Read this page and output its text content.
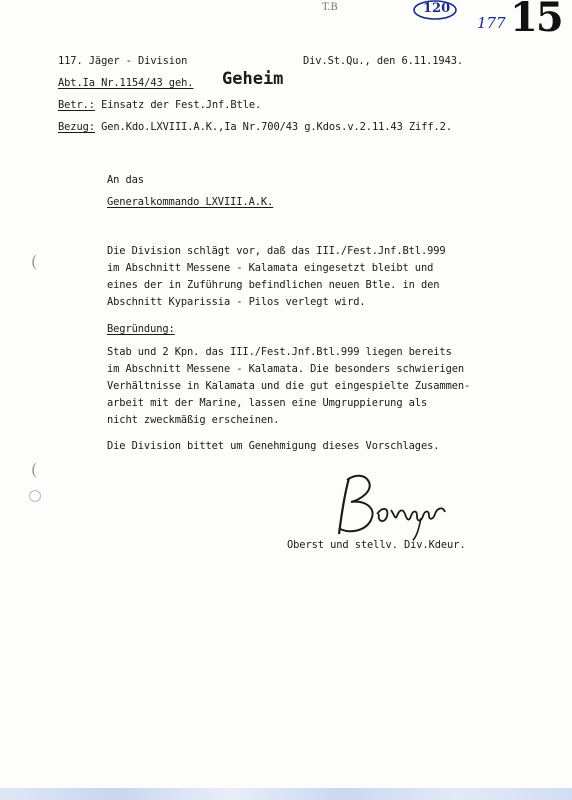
T.B	120
177 15
117. Jäger - Division	Div.St.Qu., den 6.11.1943.
Abt.Ia Nr.1154/43 geh. Geheim
Betr.: Einsatz der Fest.Jnf.Btle.
Bezug: Gen.Kdo.LXVIII.A.K.,Ia Nr.700/43 g.Kdos.v.2.11.43 Ziff.2.
An das
Generalkommando LXVIII.A.K.
Die Division schlägt vor, daß das III./Fest.Jnf.Btl.999
im Abschnitt Messene - Kalamata eingesetzt bleibt und
eines der in Zuführung befindlichen neuen Btle. in den
Abschnitt Kyparissia - Pilos verlegt wird.
Begründung:
Stab und 2 Kpn. das III./Fest.Jnf.Btl.999 liegen bereits
im Abschnitt Messene - Kalamata. Die besonders schwierigen
Verhältnisse in Kalamata und die gut eingespielte Zusammen-
arbeit mit der Marine, lassen eine Umgruppierung als
nicht zweckmäßig erscheinen.
Die Division bittet um Genehmigung dieses Vorschlages.
Oberst und stellv. Div.Kdeur.
(
(
